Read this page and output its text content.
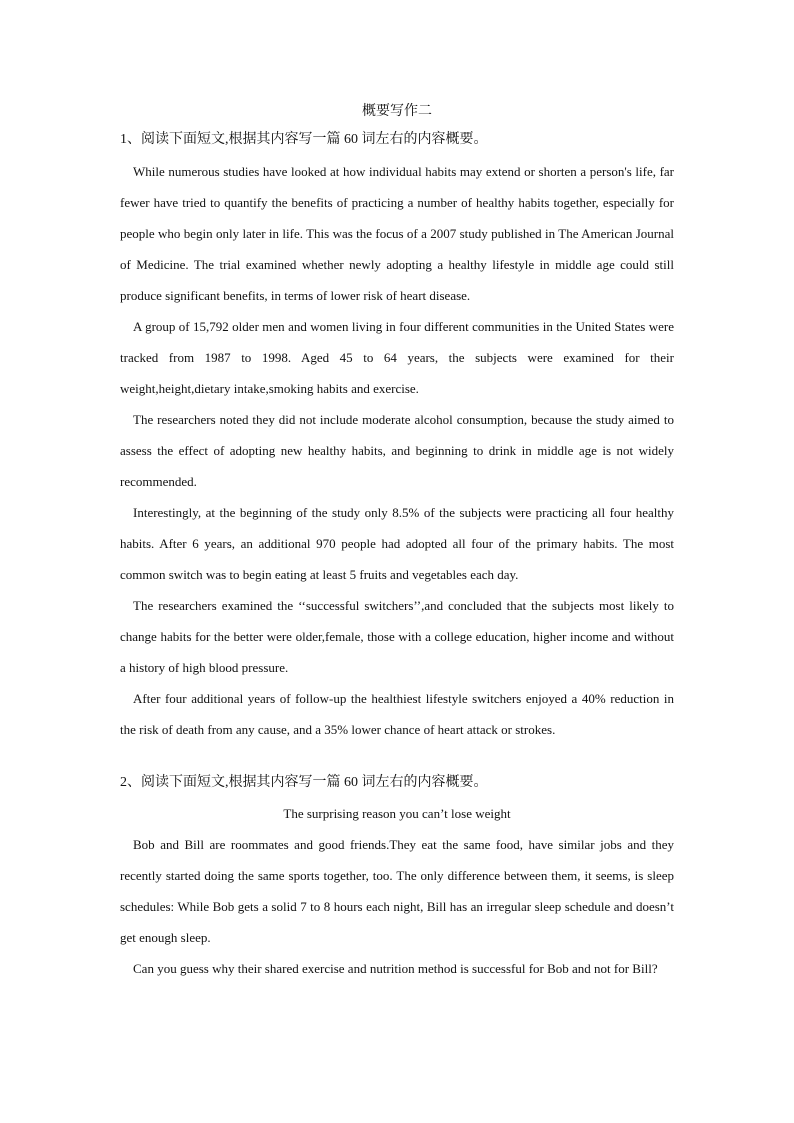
概要写作二
1、阅读下面短文,根据其内容写一篇 60 词左右的内容概要。

While numerous studies have looked at how individual habits may extend or shorten a person's life, far fewer have tried to quantify the benefits of practicing a number of healthy habits together, especially for people who begin only later in life. This was the focus of a 2007 study published in The American Journal of Medicine. The trial examined whether newly adopting a healthy lifestyle in middle age could still produce significant benefits, in terms of lower risk of heart disease.

A group of 15,792 older men and women living in four different communities in the United States were tracked from 1987 to 1998. Aged 45 to 64 years, the subjects were examined for their weight,height,dietary intake,smoking habits and exercise.

The researchers noted they did not include moderate alcohol consumption, because the study aimed to assess the effect of adopting new healthy habits, and beginning to drink in middle age is not widely recommended.

Interestingly, at the beginning of the study only 8.5% of the subjects were practicing all four healthy habits. After 6 years, an additional 970 people had adopted all four of the primary habits. The most common switch was to begin eating at least 5 fruits and vegetables each day.

The researchers examined the ‘‘successful switchers’’,and concluded that the subjects most likely to change habits for the better were older,female, those with a college education, higher income and without a history of high blood pressure.

After four additional years of follow-up the healthiest lifestyle switchers enjoyed a 40% reduction in the risk of death from any cause, and a 35% lower chance of heart attack or strokes.

2、阅读下面短文,根据其内容写一篇 60 词左右的内容概要。
The surprising reason you can’t lose weight

Bob and Bill are roommates and good friends.They eat the same food, have similar jobs and they recently started doing the same sports together, too. The only difference between them, it seems, is sleep schedules: While Bob gets a solid 7 to 8 hours each night, Bill has an irregular sleep schedule and doesn’t get enough sleep.

Can you guess why their shared exercise and nutrition method is successful for Bob and not for Bill?
